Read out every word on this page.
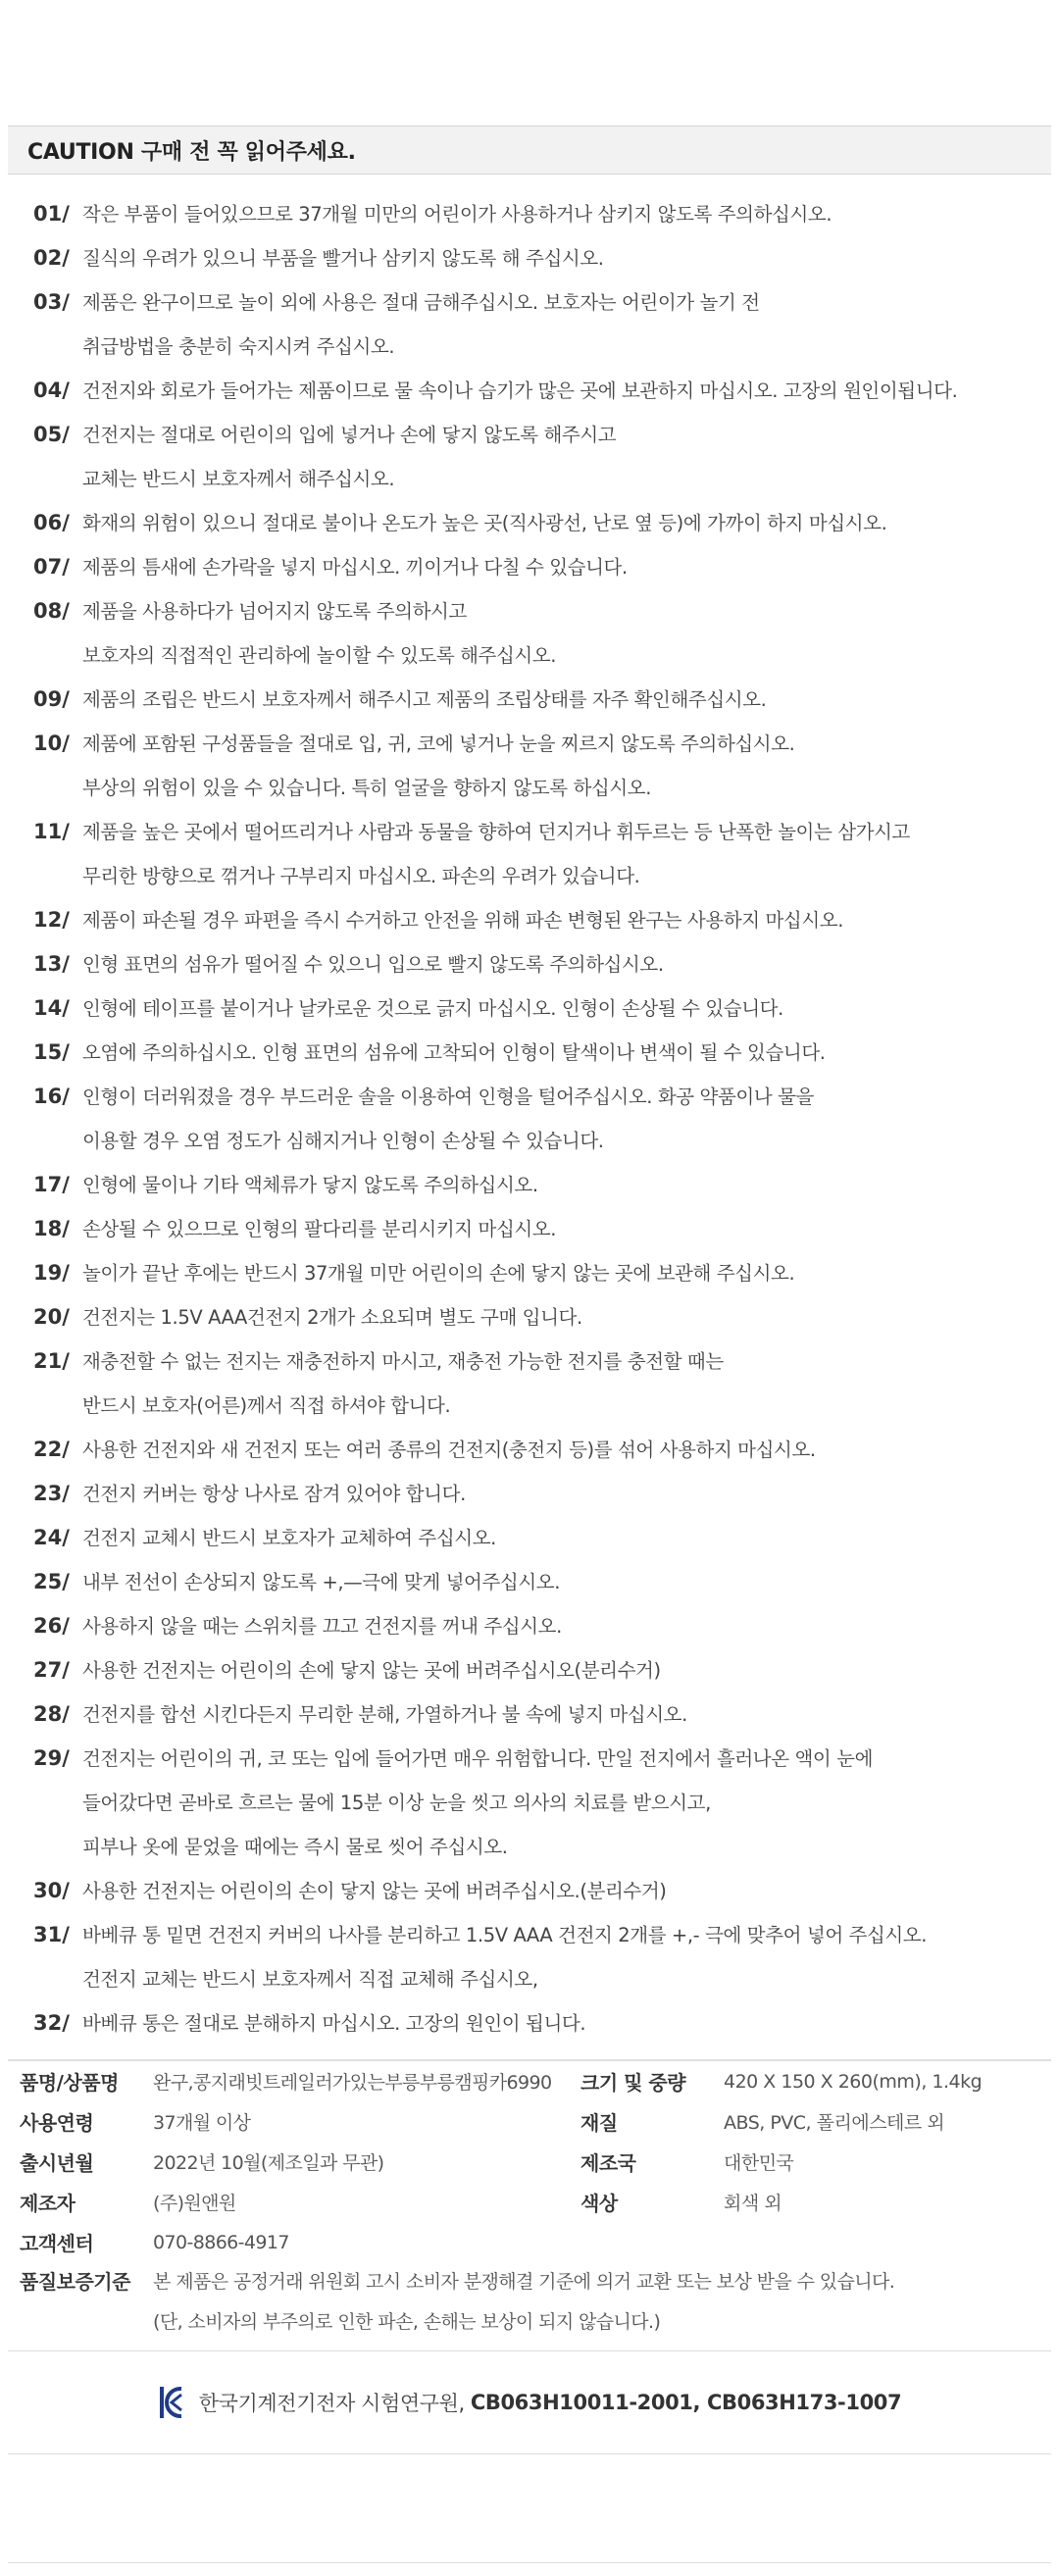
CAUTION 구매 전 꼭 읽어주세요.
01/ 작은 부품이 들어있으므로 37개월 미만의 어린이가 사용하거나 삼키지 않도록 주의하십시오.
02/ 질식의 우려가 있으니 부품을 빨거나 삼키지 않도록 해 주십시오.
03/ 제품은 완구이므로 놀이 외에 사용은 절대 금해주십시오. 보호자는 어린이가 놀기 전
취급방법을 충분히 숙지시켜 주십시오.
04/ 건전지와 회로가 들어가는 제품이므로 물 속이나 습기가 많은 곳에 보관하지 마십시오. 고장의 원인이됩니다.
05/ 건전지는 절대로 어린이의 입에 넣거나 손에 닿지 않도록 해주시고
교체는 반드시 보호자께서 해주십시오.
06/ 화재의 위험이 있으니 절대로 불이나 온도가 높은 곳(직사광선, 난로 옆 등)에 가까이 하지 마십시오.
07/ 제품의 틈새에 손가락을 넣지 마십시오. 끼이거나 다칠 수 있습니다.
08/ 제품을 사용하다가 넘어지지 않도록 주의하시고
보호자의 직접적인 관리하에 놀이할 수 있도록 해주십시오.
09/ 제품의 조립은 반드시 보호자께서 해주시고 제품의 조립상태를 자주 확인해주십시오.
10/ 제품에 포함된 구성품들을 절대로 입, 귀, 코에 넣거나 눈을 찌르지 않도록 주의하십시오.
부상의 위험이 있을 수 있습니다. 특히 얼굴을 향하지 않도록 하십시오.
11/ 제품을 높은 곳에서 떨어뜨리거나 사람과 동물을 향하여 던지거나 휘두르는 등 난폭한 놀이는 삼가시고
무리한 방향으로 꺾거나 구부리지 마십시오. 파손의 우려가 있습니다.
12/ 제품이 파손될 경우 파편을 즉시 수거하고 안전을 위해 파손 변형된 완구는 사용하지 마십시오.
13/ 인형 표면의 섬유가 떨어질 수 있으니 입으로 빨지 않도록 주의하십시오.
14/ 인형에 테이프를 붙이거나 날카로운 것으로 긁지 마십시오. 인형이 손상될 수 있습니다.
15/ 오염에 주의하십시오. 인형 표면의 섬유에 고착되어 인형이 탈색이나 변색이 될 수 있습니다.
16/ 인형이 더러워졌을 경우 부드러운 솔을 이용하여 인형을 털어주십시오. 화공 약품이나 물을
이용할 경우 오염 정도가 심해지거나 인형이 손상될 수 있습니다.
17/ 인형에 물이나 기타 액체류가 닿지 않도록 주의하십시오.
18/ 손상될 수 있으므로 인형의 팔다리를 분리시키지 마십시오.
19/ 놀이가 끝난 후에는 반드시 37개월 미만 어린이의 손에 닿지 않는 곳에 보관해 주십시오.
20/ 건전지는 1.5V AAA건전지 2개가 소요되며 별도 구매 입니다.
21/ 재충전할 수 없는 전지는 재충전하지 마시고, 재충전 가능한 전지를 충전할 때는
반드시 보호자(어른)께서 직접 하셔야 합니다.
22/ 사용한 건전지와 새 건전지 또는 여러 종류의 건전지(충전지 등)를 섞어 사용하지 마십시오.
23/ 건전지 커버는 항상 나사로 잠겨 있어야 합니다.
24/ 건전지 교체시 반드시 보호자가 교체하여 주십시오.
25/ 내부 전선이 손상되지 않도록 +,—극에 맞게 넣어주십시오.
26/ 사용하지 않을 때는 스위치를 끄고 건전지를 꺼내 주십시오.
27/ 사용한 건전지는 어린이의 손에 닿지 않는 곳에 버려주십시오(분리수거)
28/ 건전지를 합선 시킨다든지 무리한 분해, 가열하거나 불 속에 넣지 마십시오.
29/ 건전지는 어린이의 귀, 코 또는 입에 들어가면 매우 위험합니다. 만일 전지에서 흘러나온 액이 눈에
들어갔다면 곧바로 흐르는 물에 15분 이상 눈을 씻고 의사의 치료를 받으시고,
피부나 옷에 묻었을 때에는 즉시 물로 씻어 주십시오.
30/ 사용한 건전지는 어린이의 손이 닿지 않는 곳에 버려주십시오.(분리수거)
31/ 바베큐 통 밑면 건전지 커버의 나사를 분리하고 1.5V AAA 건전지 2개를 +,- 극에 맞추어 넣어 주십시오.
건전지 교체는 반드시 보호자께서 직접 교체해 주십시오,
32/ 바베큐 통은 절대로 분해하지 마십시오. 고장의 원인이 됩니다.
품명/상품명	완구,콩지래빗트레일러가있는부릉부릉캠핑카6990	크기 및 중량	420 X 150 X 260(mm), 1.4kg
사용연령	37개월 이상	재질	ABS, PVC, 폴리에스테르 외
출시년월	2022년 10월(제조일과 무관)	제조국	대한민국
제조자	(주)원앤원	색상	회색 외
고객센터	070-8866-4917
품질보증기준	본 제품은 공정거래 위원회 고시 소비자 분쟁해결 기준에 의거 교환 또는 보상 받을 수 있습니다.
(단, 소비자의 부주의로 인한 파손, 손해는 보상이 되지 않습니다.)
한국기계전기전자 시험연구원, CB063H10011-2001, CB063H173-1007
